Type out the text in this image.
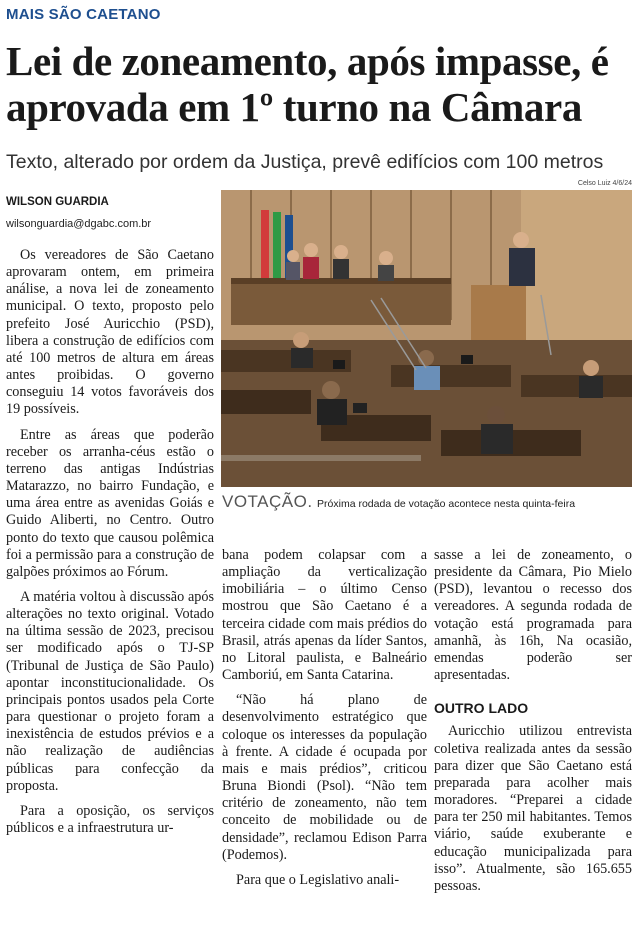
MAIS SÃO CAETANO
Lei de zoneamento, após impasse, é aprovada em 1º turno na Câmara
Texto, alterado por ordem da Justiça, prevê edifícios com 100 metros
WILSON GUARDIA
wilsonguardia@dgabc.com.br
Celso Luiz 4/6/24
VOTAÇÃO. Próxima rodada de votação acontece nesta quinta-feira

Os vereadores de São Caetano aprovaram ontem, em primeira análise, a nova lei de zoneamento municipal. O texto, proposto pelo prefeito José Auricchio (PSD), libera a construção de edifícios com até 100 metros de altura em áreas antes proibidas. O governo conseguiu 14 votos favoráveis dos 19 possíveis.

Entre as áreas que poderão receber os arranha-céus estão o terreno das antigas Indústrias Matarazzo, no bairro Fundação, e uma área entre as avenidas Goiás e Guido Aliberti, no Centro. Outro ponto do texto que causou polêmica foi a permissão para a construção de galpões próximos ao Fórum.

A matéria voltou à discussão após alterações no texto original. Votado na última sessão de 2023, precisou ser modificado após o TJ-SP (Tribunal de Justiça de São Paulo) apontar inconstitucionalidade. Os principais pontos usados pela Corte para questionar o projeto foram a inexistência de estudos prévios e a não realização de audiências públicas para confecção da proposta.

Para a oposição, os serviços públicos e a infraestrutura ur-

bana podem colapsar com a ampliação da verticalização imobiliária – o último Censo mostrou que São Caetano é a terceira cidade com mais prédios do Brasil, atrás apenas da líder Santos, no Litoral paulista, e Balneário Camboriú, em Santa Catarina.

“Não há plano de desenvolvimento estratégico que coloque os interesses da população à frente. A cidade é ocupada por mais e mais prédios”, criticou Bruna Biondi (Psol). “Não tem critério de zoneamento, não tem conceito de mobilidade ou de densidade”, reclamou Edison Parra (Podemos).

Para que o Legislativo anali-

sasse a lei de zoneamento, o presidente da Câmara, Pio Mielo (PSD), levantou o recesso dos vereadores. A segunda rodada de votação está programada para amanhã, às 16h, Na ocasião, emendas poderão ser apresentadas.

OUTRO LADO

Auricchio utilizou entrevista coletiva realizada antes da sessão para dizer que São Caetano está preparada para acolher mais moradores. “Preparei a cidade para ter 250 mil habitantes. Temos viário, saúde exuberante e educação municipalizada para isso”. Atualmente, são 165.655 pessoas.
